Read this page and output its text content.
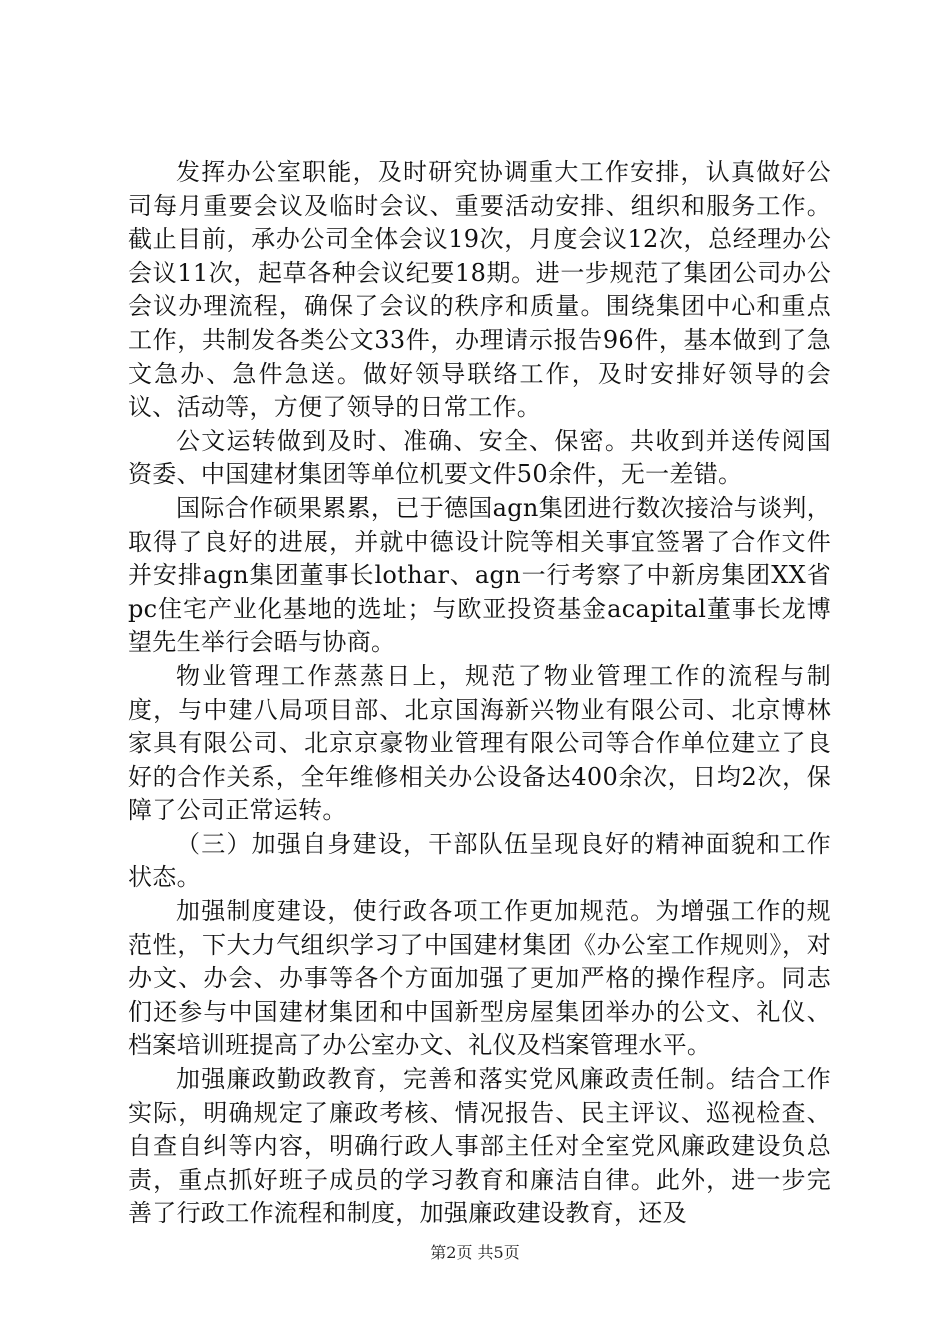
发挥办公室职能，及时研究协调重大工作安排，认真做好公司每月重要会议及临时会议、重要活动安排、组织和服务工作。截止目前，承办公司全体会议19次，月度会议12次，总经理办公会议11次，起草各种会议纪要18期。进一步规范了集团公司办公会议办理流程，确保了会议的秩序和质量。围绕集团中心和重点工作，共制发各类公文33件，办理请示报告96件，基本做到了急文急办、急件急送。做好领导联络工作，及时安排好领导的会议、活动等，方便了领导的日常工作。

公文运转做到及时、准确、安全、保密。共收到并送传阅国资委、中国建材集团等单位机要文件50余件，无一差错。

国际合作硕果累累，已于德国agn集团进行数次接洽与谈判，取得了良好的进展，并就中德设计院等相关事宜签署了合作文件并安排agn集团董事长lothar、agn一行考察了中新房集团XX省pc住宅产业化基地的选址；与欧亚投资基金acapital董事长龙博望先生举行会晤与协商。

物业管理工作蒸蒸日上，规范了物业管理工作的流程与制度，与中建八局项目部、北京国海新兴物业有限公司、北京博林家具有限公司、北京京豪物业管理有限公司等合作单位建立了良好的合作关系，全年维修相关办公设备达400余次，日均2次，保障了公司正常运转。

（三）加强自身建设，干部队伍呈现良好的精神面貌和工作状态。

加强制度建设，使行政各项工作更加规范。为增强工作的规范性，下大力气组织学习了中国建材集团《办公室工作规则》，对办文、办会、办事等各个方面加强了更加严格的操作程序。同志们还参与中国建材集团和中国新型房屋集团举办的公文、礼仪、档案培训班提高了办公室办文、礼仪及档案管理水平。

加强廉政勤政教育，完善和落实党风廉政责任制。结合工作实际，明确规定了廉政考核、情况报告、民主评议、巡视检查、自查自纠等内容，明确行政人事部主任对全室党风廉政建设负总责，重点抓好班子成员的学习教育和廉洁自律。此外，进一步完善了行政工作流程和制度，加强廉政建设教育，还及

第2页 共5页
